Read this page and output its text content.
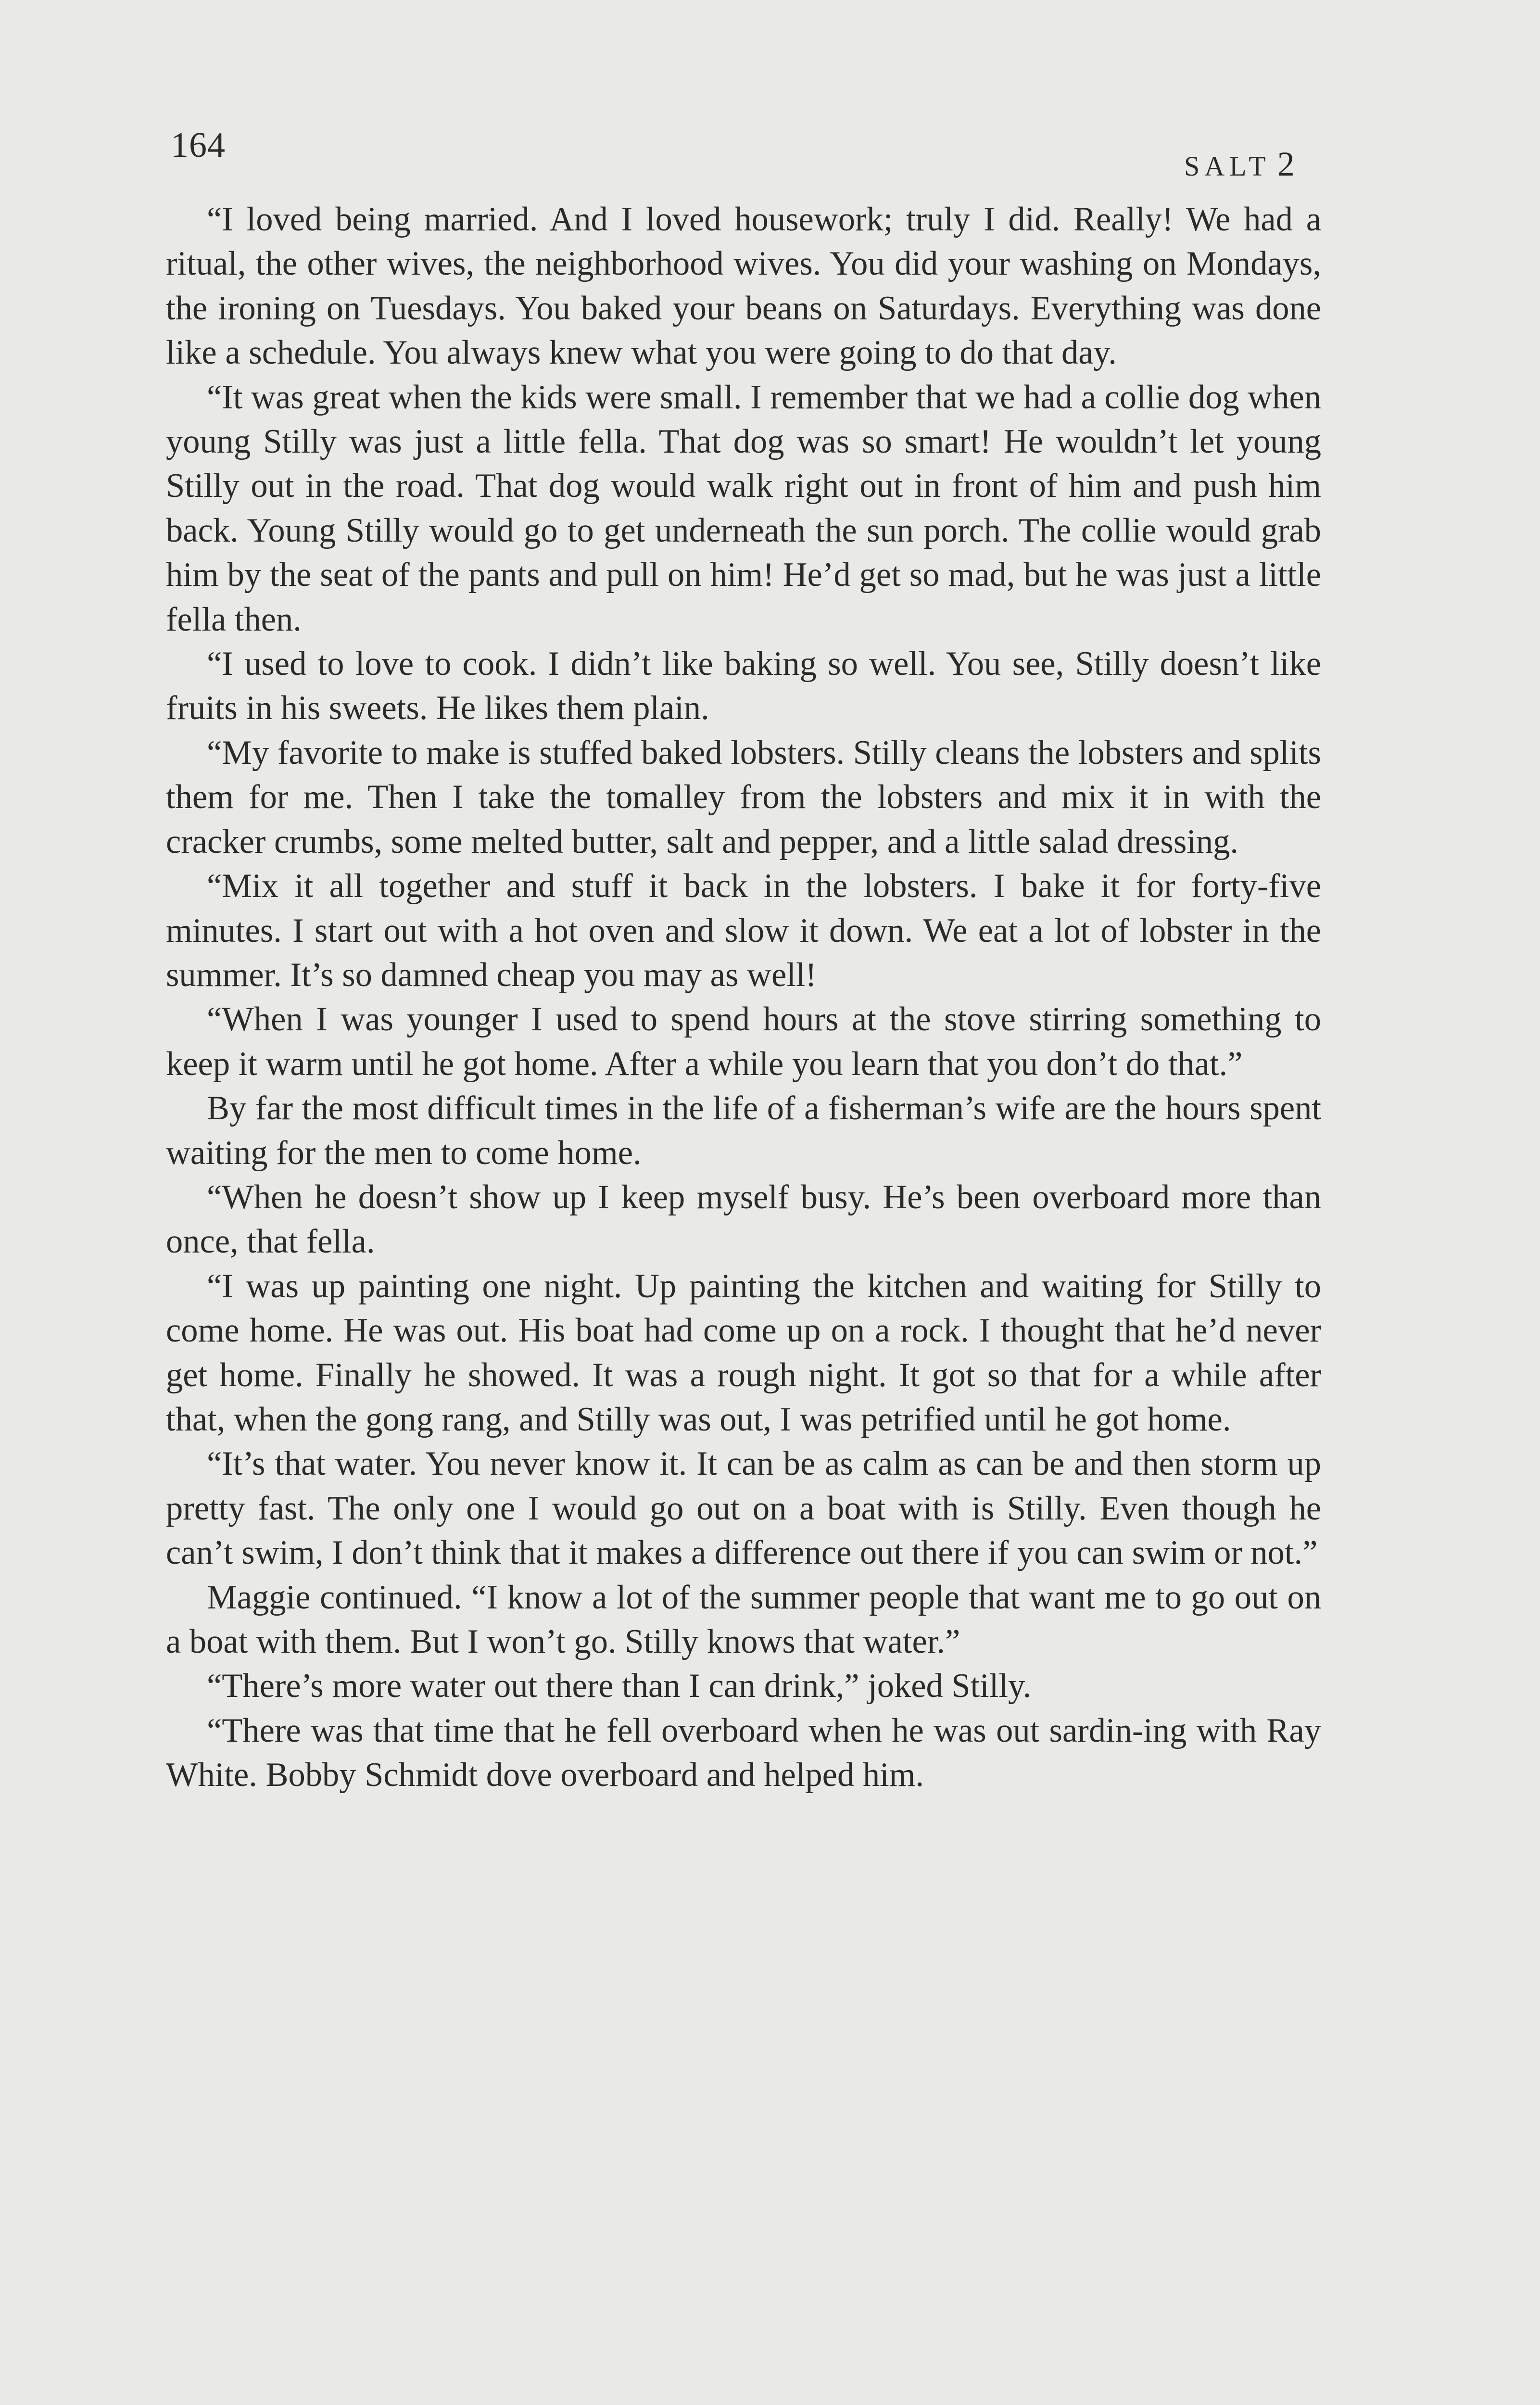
164
SALT 2

“I loved being married. And I loved housework; truly I did. Really! We had a ritual, the other wives, the neighborhood wives. You did your washing on Mondays, the ironing on Tuesdays. You baked your beans on Saturdays. Everything was done like a schedule. You always knew what you were going to do that day.

“It was great when the kids were small. I remember that we had a collie dog when young Stilly was just a little fella. That dog was so smart! He wouldn’t let young Stilly out in the road. That dog would walk right out in front of him and push him back. Young Stilly would go to get underneath the sun porch. The collie would grab him by the seat of the pants and pull on him! He’d get so mad, but he was just a little fella then.

“I used to love to cook. I didn’t like baking so well. You see, Stilly doesn’t like fruits in his sweets. He likes them plain.

“My favorite to make is stuffed baked lobsters. Stilly cleans the lobsters and splits them for me. Then I take the tomalley from the lobsters and mix it in with the cracker crumbs, some melted butter, salt and pepper, and a little salad dressing.

“Mix it all together and stuff it back in the lobsters. I bake it for forty-five minutes. I start out with a hot oven and slow it down. We eat a lot of lobster in the summer. It’s so damned cheap you may as well!

“When I was younger I used to spend hours at the stove stirring something to keep it warm until he got home. After a while you learn that you don’t do that.”

By far the most difficult times in the life of a fisherman’s wife are the hours spent waiting for the men to come home.

“When he doesn’t show up I keep myself busy. He’s been overboard more than once, that fella.

“I was up painting one night. Up painting the kitchen and waiting for Stilly to come home. He was out. His boat had come up on a rock. I thought that he’d never get home. Finally he showed. It was a rough night. It got so that for a while after that, when the gong rang, and Stilly was out, I was petrified until he got home.

“It’s that water. You never know it. It can be as calm as can be and then storm up pretty fast. The only one I would go out on a boat with is Stilly. Even though he can’t swim, I don’t think that it makes a difference out there if you can swim or not.”

Maggie continued. “I know a lot of the summer people that want me to go out on a boat with them. But I won’t go. Stilly knows that water.”

“There’s more water out there than I can drink,” joked Stilly.

“There was that time that he fell overboard when he was out sardin-ing with Ray White. Bobby Schmidt dove overboard and helped him.
